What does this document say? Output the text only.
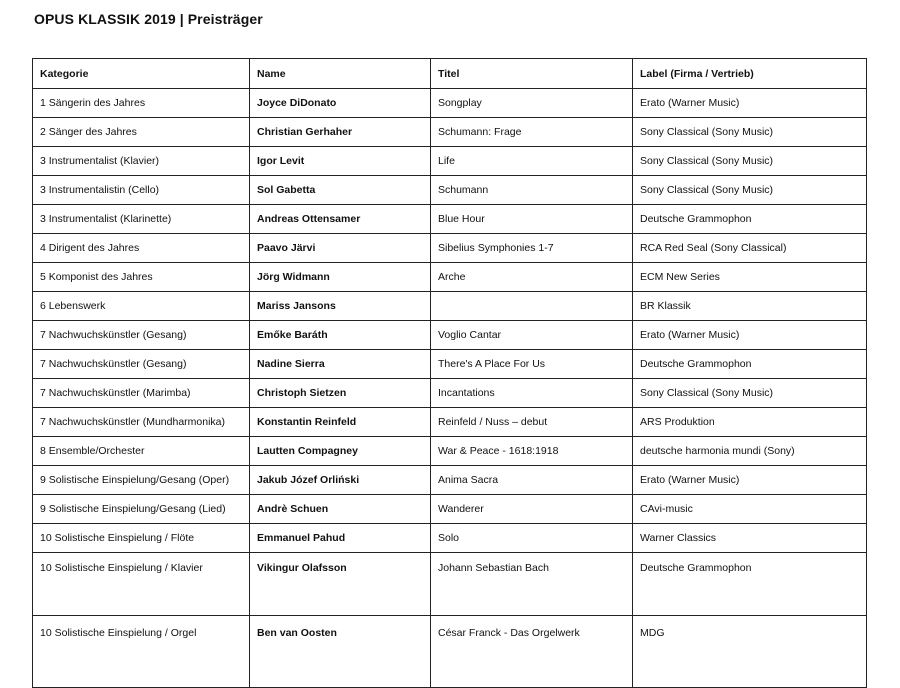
OPUS KLASSIK 2019 | Preisträger
Kategorie	Name	Titel	Label (Firma / Vertrieb)
1 Sängerin des Jahres	Joyce DiDonato	Songplay	Erato (Warner Music)
2 Sänger des Jahres	Christian Gerhaher	Schumann: Frage	Sony Classical (Sony Music)
3 Instrumentalist (Klavier)	Igor Levit	Life	Sony Classical (Sony Music)
3 Instrumentalistin (Cello)	Sol Gabetta	Schumann	Sony Classical (Sony Music)
3 Instrumentalist (Klarinette)	Andreas Ottensamer	Blue Hour	Deutsche Grammophon
4 Dirigent des Jahres	Paavo Järvi	Sibelius Symphonies 1-7	RCA Red Seal (Sony Classical)
5 Komponist des Jahres	Jörg Widmann	Arche	ECM New Series
6 Lebenswerk	Mariss Jansons		BR Klassik
7 Nachwuchskünstler (Gesang)	Emőke Baráth	Voglio Cantar	Erato (Warner Music)
7 Nachwuchskünstler (Gesang)	Nadine Sierra	There's A Place For Us	Deutsche Grammophon
7 Nachwuchskünstler (Marimba)	Christoph Sietzen	Incantations	Sony Classical (Sony Music)
7 Nachwuchskünstler (Mundharmonika)	Konstantin Reinfeld	Reinfeld / Nuss – debut	ARS Produktion
8 Ensemble/Orchester	Lautten Compagney	War & Peace - 1618:1918	deutsche harmonia mundi (Sony)
9 Solistische Einspielung/Gesang (Oper)	Jakub Józef Orliński	Anima Sacra	Erato (Warner Music)
9 Solistische Einspielung/Gesang (Lied)	Andrè Schuen	Wanderer	CAvi-music
10 Solistische Einspielung / Flöte	Emmanuel Pahud	Solo	Warner Classics
10 Solistische Einspielung / Klavier	Vikingur Olafsson	Johann Sebastian Bach	Deutsche Grammophon
10 Solistische Einspielung / Orgel	Ben van Oosten	César Franck - Das Orgelwerk	MDG
